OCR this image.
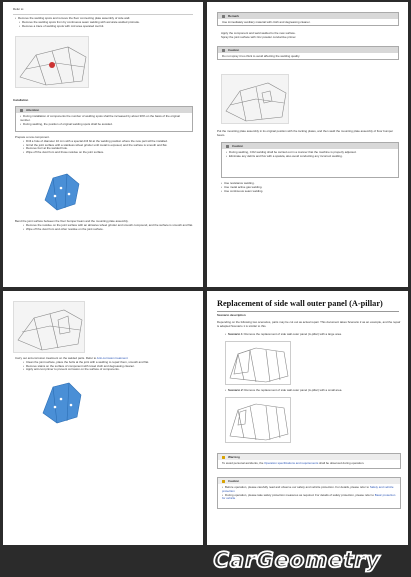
Refer to:
• Remove the welding spots and remove the floor connecting plate assembly of side wall.
• Remove the welding spots from by continuous seam welding with accurate welded protrude.
• Remove a trace of welding spots with mid area operated tool kit.
Installation
Attention
• During installation of components the number of welding spots shall be increased by about 30% on the basis of the original number.
• During welding, the position of original welding spots shall be avoided.
Prepare a new component.
• Drill a hole of diameter 10 mm with a special drill bit at the welding position where the new part will be installed.
• Grind the joint surface with a stainless wheel grinder until metal is exposed, and the surface is smooth and flat.
• Remove burr at the welded hole.
• Wipe off the dust from and those residue on the joint surface.
Bend the joint surface between the floor bumper beam and the mounting plate assembly.
• Remove the residue on the joint surface with an abrasive wheel grinder and smooth compound, and the surface is smooth and flat.
• Wipe off the dust from and other residue on the joint surface.
Remark
Use immediately auxiliary material with cloth and degreasing cleaner.
Apply the component and weld welded to the new surface.
Spray the joint surface with zinc powder conductive primer.
Caution
Do not spray it too thick to avoid affecting the welding quality.
Put the mounting plate assembly in its original position with the locking plates, and then weld the mounting plate assembly of floor bumper beam.
Caution
• During welding, CO2 welding shall be carried out in a manner that the machine is properly adjusted.
• Eliminate any debris and flux with a spatula, also avoid conducting any incorrect welding.
• Use resistance welding.
• Use metal active gas welding.
• Use continuous seam welding.
Carry out anti-corrosion treatment on the welded parts. Refer to Anti-corrosion treatment
• Clean the joint surface, place the bolts at the joint with a welding to repair them, smooth and flat.
• Remove stains on the surface of component with towel cloth and degreasing cleaner.
• Apply anti-rust primer to prevent corrosion on the surface of components.
Replacement of side wall outer panel (A-pillar)
Scenario description
Depending on the following two scenarios, parts may be cut out as actual repair. This document takes Scenario 2 as an example, and the repair is adapted Scenario 1 is similar to this.
• Scenario 1: Remove the replacement of side wall outer panel (A-pillar) with a large area.
• Scenario 2: Remove the replacement of side wall outer panel (A-pillar) with a small area.
Warning
To avoid personal accidents, the Operation specifications and requirements shall be observed during operation.
Caution
• Before operation, please carefully read and observe our safety and vehicle protection. For details, please refer to Safety and vehicle protection
• During operation, please take safety protection measures as required. For details of safety protection, please refer to Basic protection for vehicle
CarGeometry
